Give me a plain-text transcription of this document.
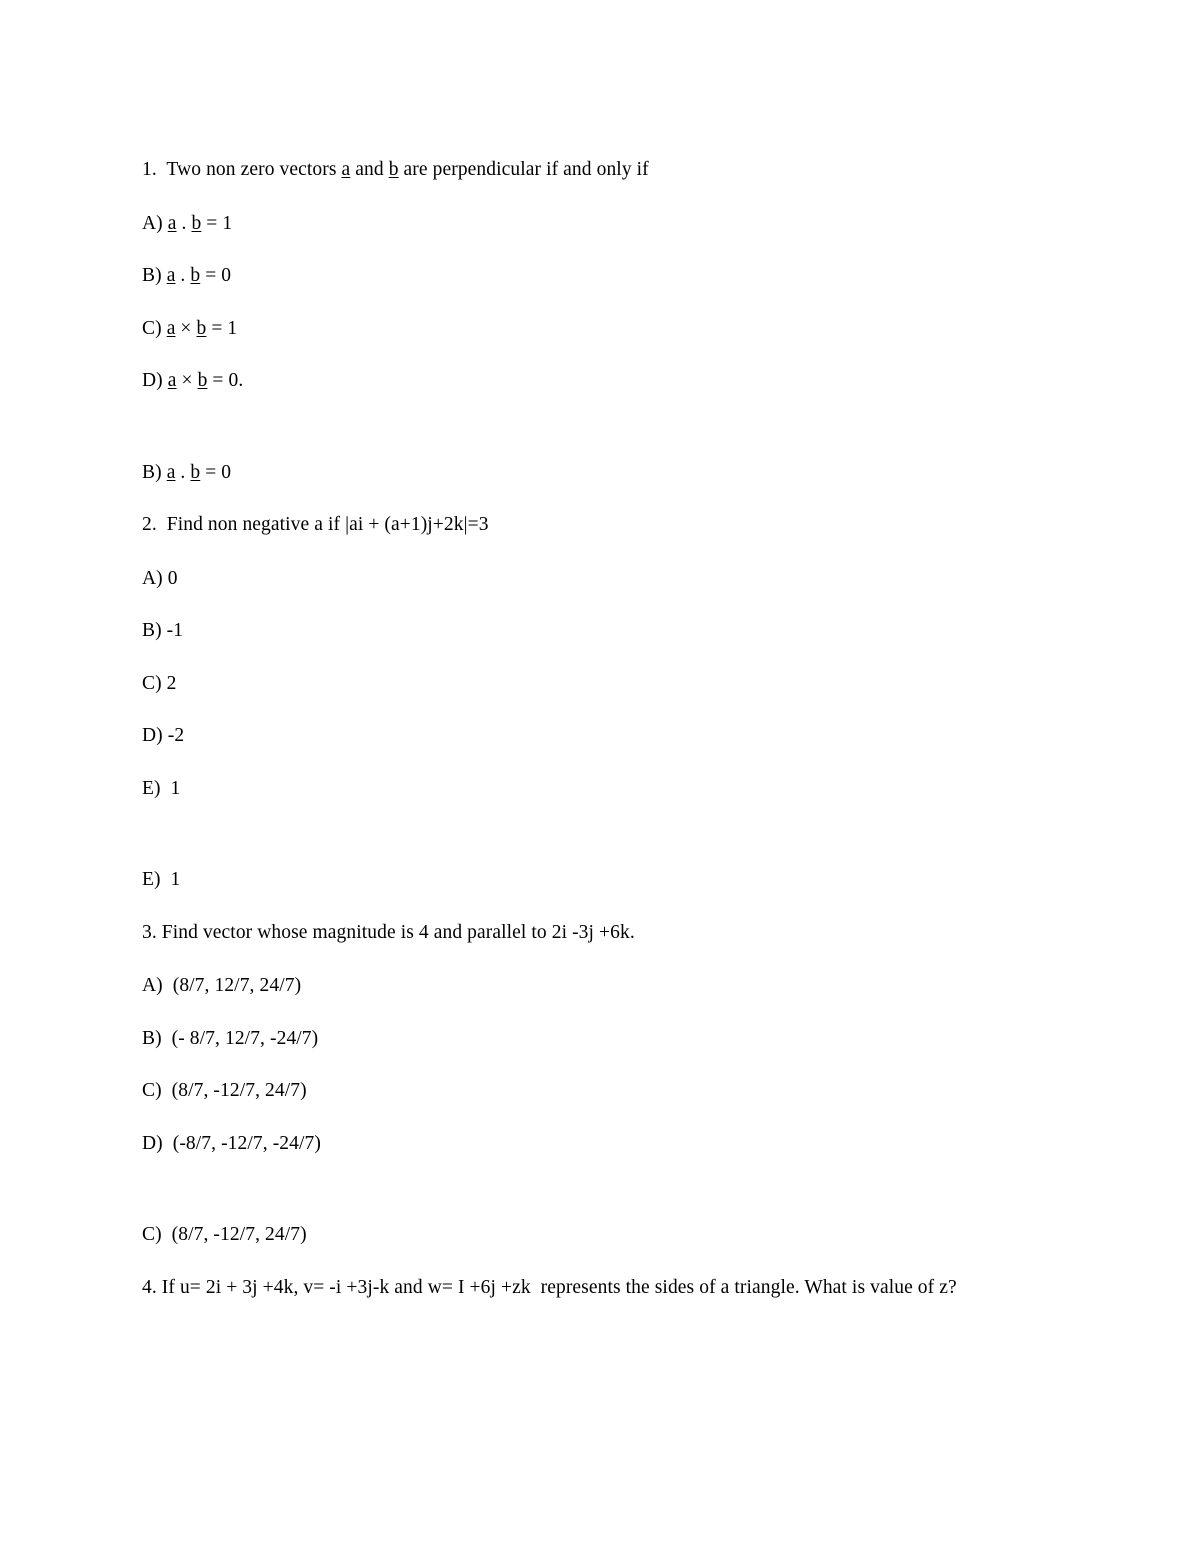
1.  Two non zero vectors a and b are perpendicular if and only if

A) a . b = 1

B) a . b = 0

C) a × b = 1

D) a × b = 0.

B) a . b = 0

2.  Find non negative a if |ai + (a+1)j+2k|=3

A) 0

B) -1

C) 2

D) -2

E)  1

E)  1

3. Find vector whose magnitude is 4 and parallel to 2i -3j +6k.

A)  (8/7, 12/7, 24/7)

B)  (- 8/7, 12/7, -24/7)

C)  (8/7, -12/7, 24/7)

D)  (-8/7, -12/7, -24/7)

C)  (8/7, -12/7, 24/7)

4. If u= 2i + 3j +4k, v= -i +3j-k and w= I +6j +zk  represents the sides of a triangle. What is value of z?
